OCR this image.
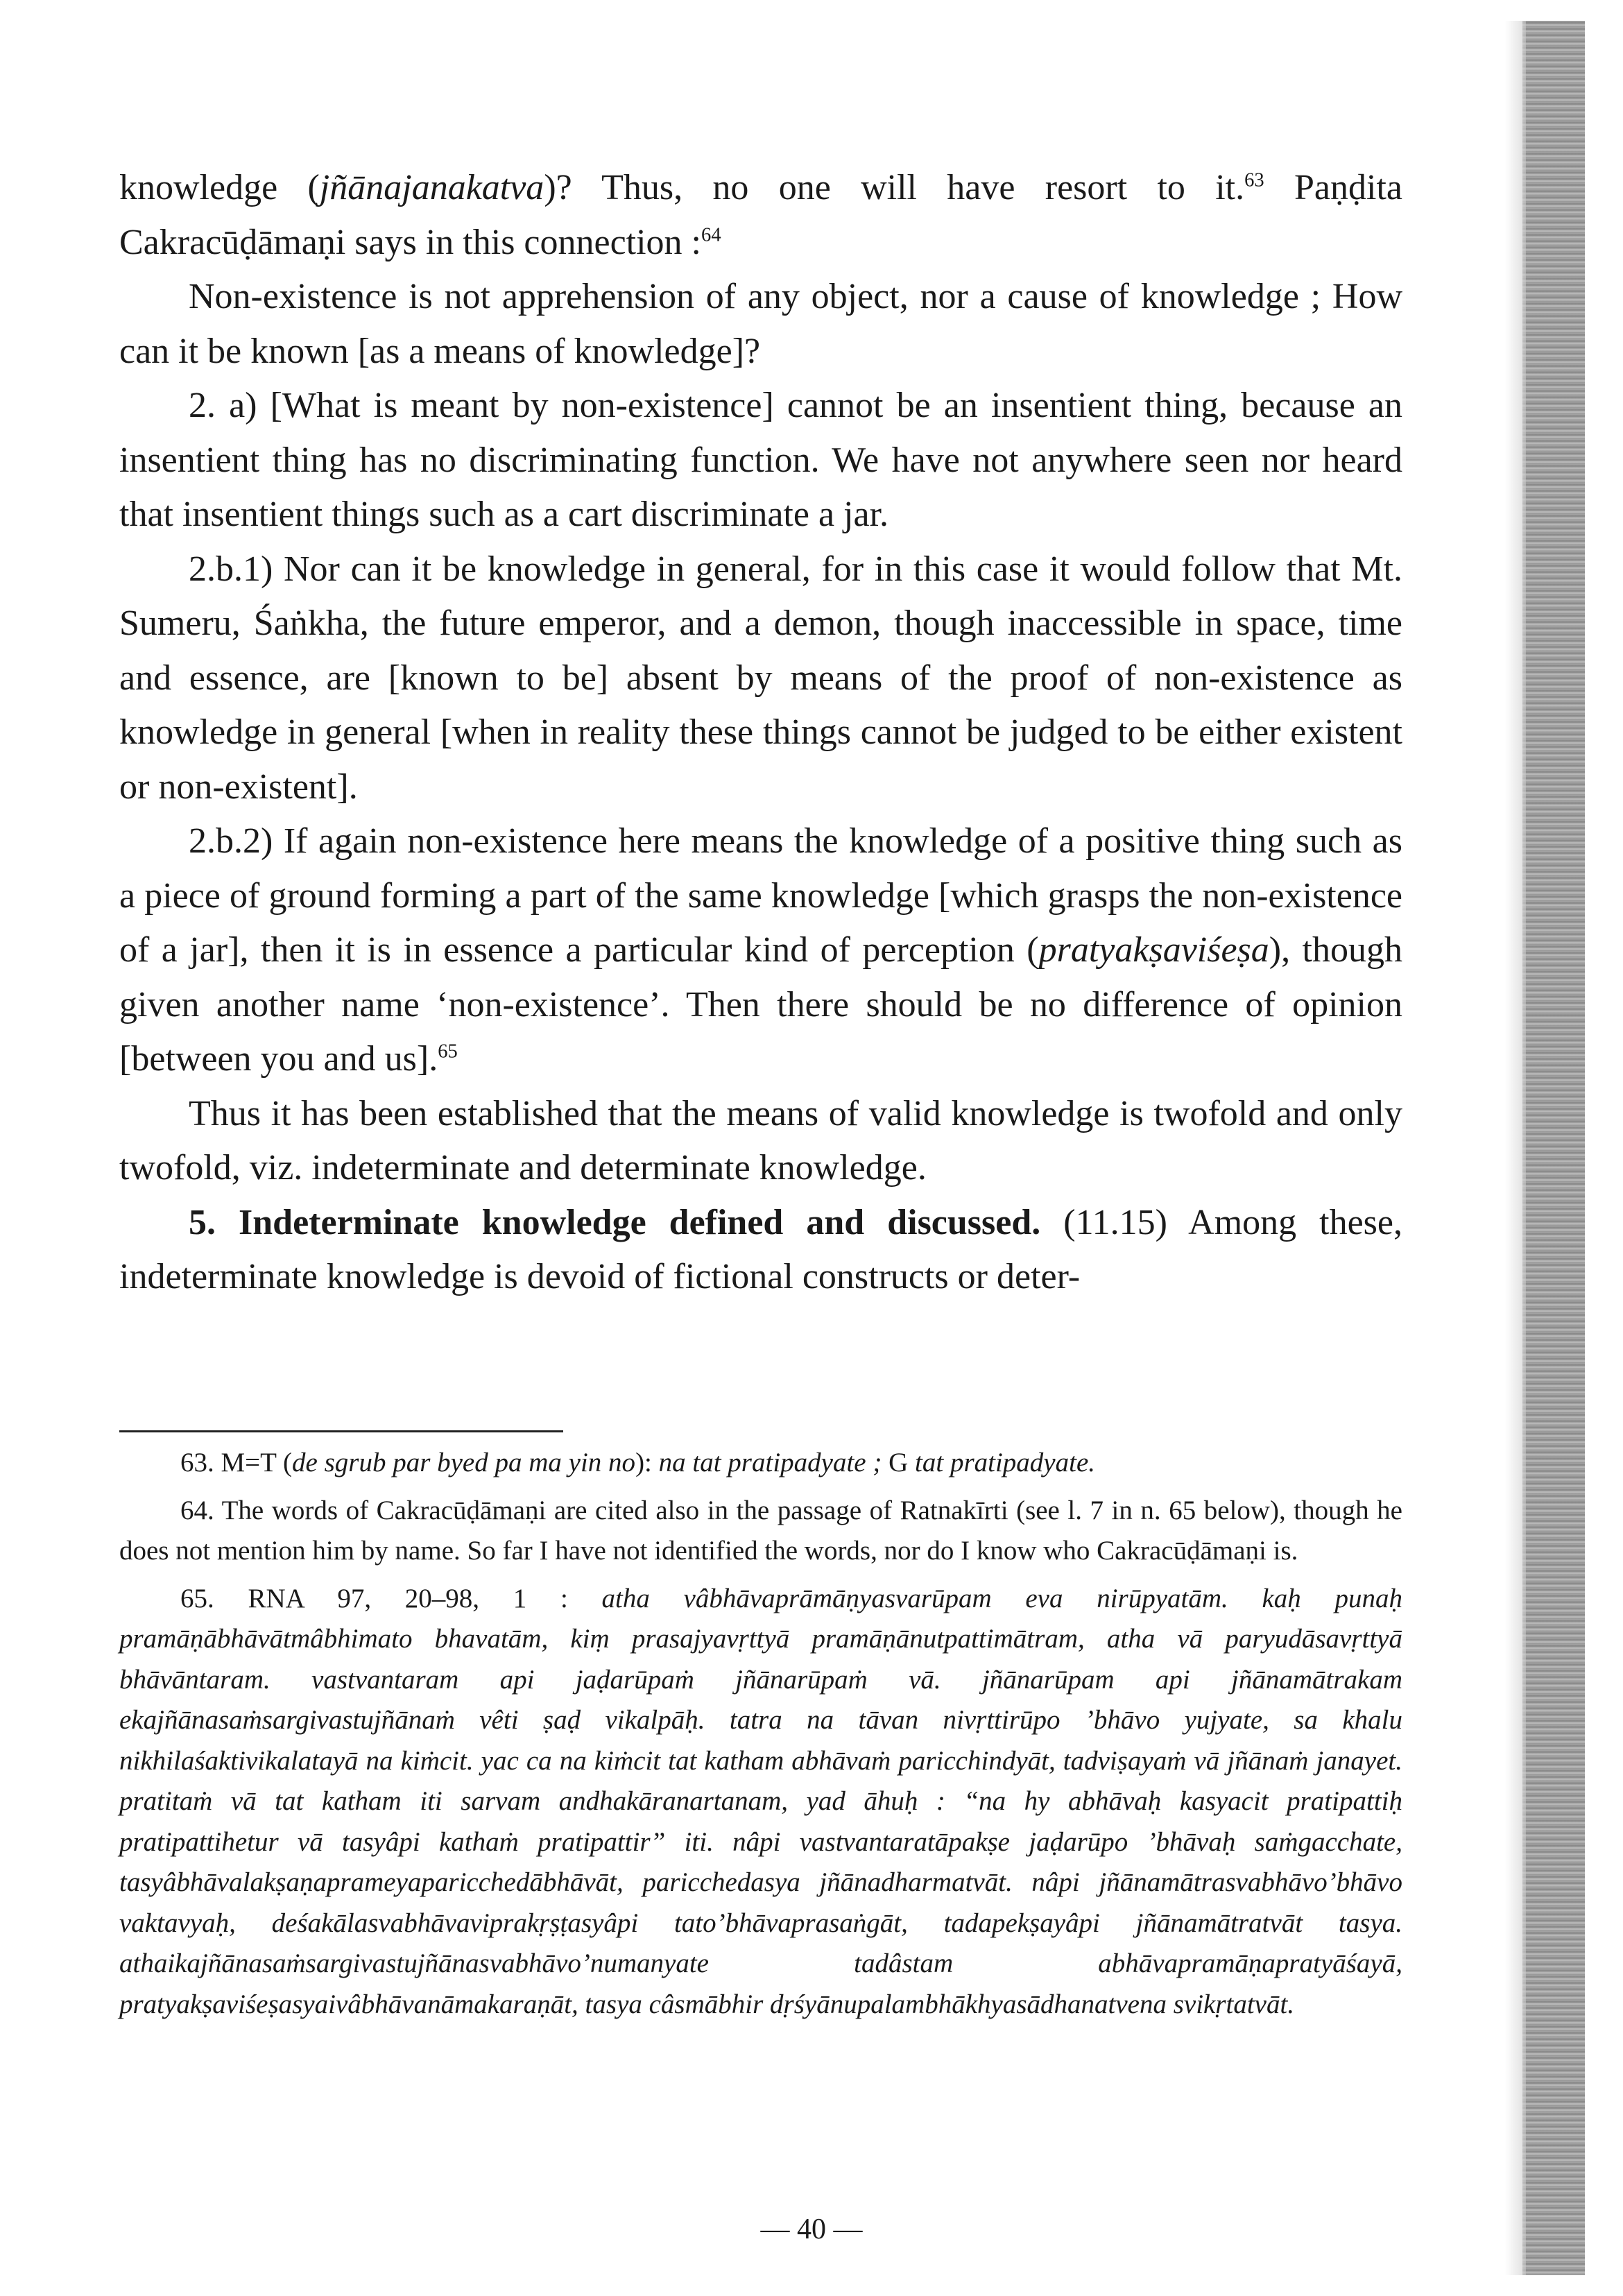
knowledge (jñānajanakatva)? Thus, no one will have resort to it.$^{63}$ Paṇḍita Cakracūḍāmaṇi says in this connection :$^{64}$

Non-existence is not apprehension of any object, nor a cause of knowledge ; How can it be known [as a means of knowledge]?

2. a) [What is meant by non-existence] cannot be an insentient thing, because an insentient thing has no discriminating function. We have not anywhere seen nor heard that insentient things such as a cart discriminate a jar.

2.b.1) Nor can it be knowledge in general, for in this case it would follow that Mt. Sumeru, Śaṅkha, the future emperor, and a demon, though inaccessible in space, time and essence, are [known to be] absent by means of the proof of non-existence as knowledge in general [when in reality these things cannot be judged to be either existent or non-existent].

2.b.2) If again non-existence here means the knowledge of a positive thing such as a piece of ground forming a part of the same knowledge [which grasps the non-existence of a jar], then it is in essence a particular kind of perception (pratyakṣaviśeṣa), though given another name ‘non-existence’. Then there should be no difference of opinion [between you and us].$^{65}$

Thus it has been established that the means of valid knowledge is twofold and only twofold, viz. indeterminate and determinate knowledge.

5. Indeterminate knowledge defined and discussed. (11.15) Among these, indeterminate knowledge is devoid of fictional constructs or deter-

63. M=T (de sgrub par byed pa ma yin no): na tat pratipadyate ; G tat pratipadyate.

64. The words of Cakracūḍāmaṇi are cited also in the passage of Ratnakīrti (see l. 7 in n. 65 below), though he does not mention him by name. So far I have not identified the words, nor do I know who Cakracūḍāmaṇi is.

65. RNA 97, 20–98, 1 : atha vâbhāvaprāmāṇyasvarūpam eva nirūpyatām. kaḥ punaḥ pramāṇābhāvātmâbhimato bhavatām, kiṃ prasajyavṛttyā pramāṇānutpattimātram, atha vā paryudāsavṛttyā bhāvāntaram. vastvantaram api jaḍarūpaṁ jñānarūpaṁ vā. jñānarūpam api jñānamātrakam ekajñānasaṁsargivastujñānaṁ vêti ṣaḍ vikalpāḥ. tatra na tāvan nivṛttirūpo ’bhāvo yujyate, sa khalu nikhilaśaktivikalatayā na kiṁcit. yac ca na kiṁcit tat katham abhāvaṁ paricchindyāt, tadviṣayaṁ vā jñānaṁ janayet. pratitaṁ vā tat katham iti sarvam andhakāranartanam, yad āhuḥ : “na hy abhāvaḥ kasyacit pratipattiḥ pratipattihetur vā tasyâpi kathaṁ pratipattir” iti. nâpi vastvantaratāpakṣe jaḍarūpo ’bhāvaḥ saṁgacchate, tasyâbhāvalakṣaṇaprameyaparicchedābhāvāt, paricchedasya jñānadharmatvāt. nâpi jñānamātrasvabhāvo’bhāvo vaktavyaḥ, deśakālasvabhāvaviprakṛṣṭasyâpi tato’bhāvaprasaṅgāt, tadapekṣayâpi jñānamātratvāt tasya. athaikajñānasaṁsargivastujñānasvabhāvo’numanyate tadâstam abhāvapramāṇapratyāśayā, pratyakṣaviśeṣasyaivâbhāvanāmakaraṇāt, tasya câsmābhir dṛśyānupalambhākhyasādhanatvena svikṛtatvāt.

— 40 —
